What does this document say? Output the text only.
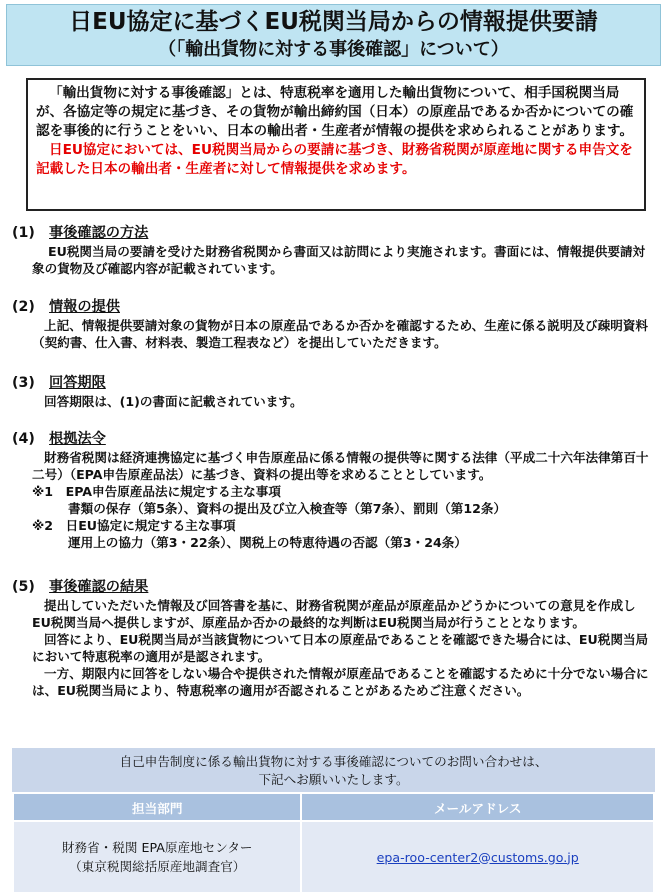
日EU協定に基づくEU税関当局からの情報提供要請
（「輸出貨物に対する事後確認」について）
「輸出貨物に対する事後確認」とは、特恵税率を適用した輸出貨物について、相手国税関当局が、各協定等の規定に基づき、その貨物が輸出締約国（日本）の原産品であるか否かについての確認を事後的に行うことをいい、日本の輸出者・生産者が情報の提供を求められることがあります。
日EU協定においては、EU税関当局からの要請に基づき、財務省税関が原産地に関する申告文を記載した日本の輸出者・生産者に対して情報提供を求めます。
(1)　 事後確認の方法

EU税関当局の要請を受けた財務省税関から書面又は訪問により実施されます。書面には、情報提供要請対象の貨物及び確認内容が記載されています。

(2)　 情報の提供

上記、情報提供要請対象の貨物が日本の原産品であるか否かを確認するため、生産に係る説明及び疎明資料（契約書、仕入書、材料表、製造工程表など）を提出していただきます。

(3)　 回答期限

回答期限は、(1)の書面に記載されています。

(4)　 根拠法令

財務省税関は経済連携協定に基づく申告原産品に係る情報の提供等に関する法律（平成二十六年法律第百十二号）（EPA申告原産品法）に基づき、資料の提出等を求めることとしています。

※1　EPA申告原産品法に規定する主な事項

書類の保存（第5条）、資料の提出及び立入検査等（第7条）、罰則（第12条）

※2　日EU協定に規定する主な事項

運用上の協力（第3・22条）、関税上の特恵待遇の否認（第3・24条）

(5)　 事後確認の結果

提出していただいた情報及び回答書を基に、財務省税関が産品が原産品かどうかについての意見を作成しEU税関当局へ提供しますが、原産品か否かの最終的な判断はEU税関当局が行うこととなります。

回答により、EU税関当局が当該貨物について日本の原産品であることを確認できた場合には、EU税関当局において特恵税率の適用が是認されます。

一方、期限内に回答をしない場合や提供された情報が原産品であることを確認するために十分でない場合には、EU税関当局により、特恵税率の適用が否認されることがあるためご注意ください。

自己申告制度に係る輸出貨物に対する事後確認についてのお問い合わせは、
下記へお願いいたします。
担当部門	メールアドレス

財務省・税関 EPA原産地センター
（東京税関総括原産地調査官）	epa-roo-center2@customs.go.jp
